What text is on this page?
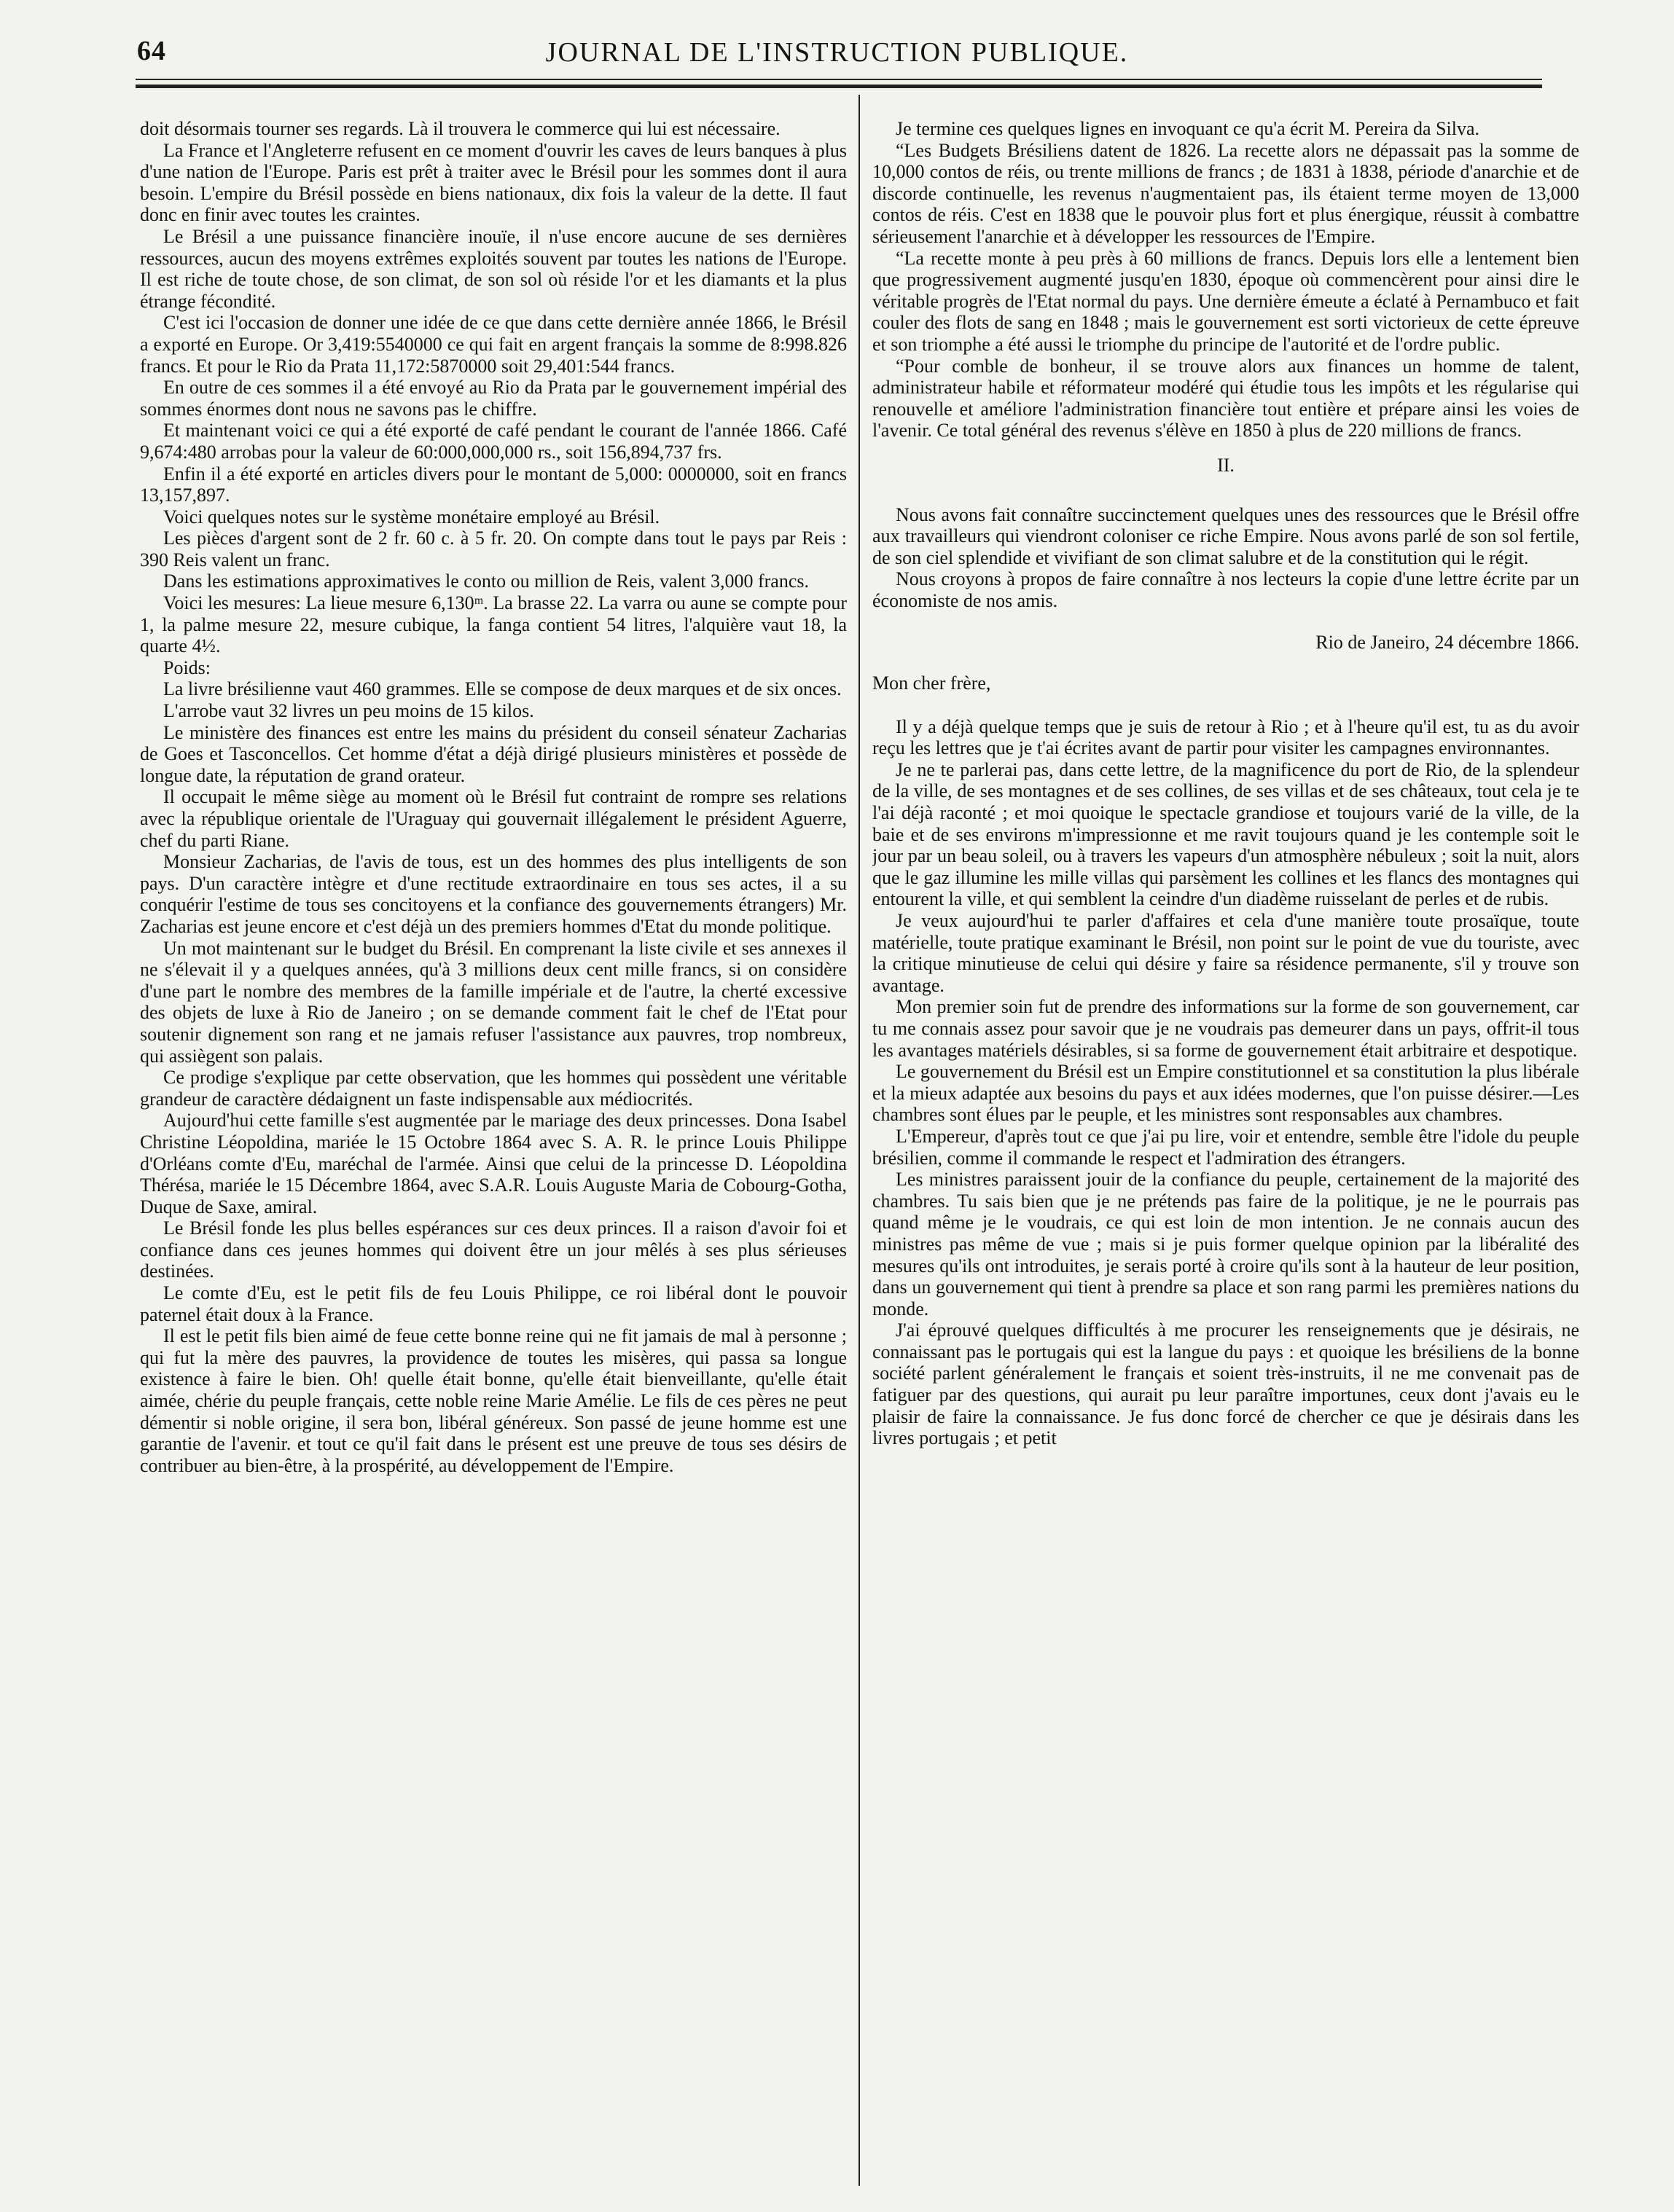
64	JOURNAL DE L'INSTRUCTION PUBLIQUE.

doit désormais tourner ses regards. Là il trouvera le commerce qui lui est nécessaire.

La France et l'Angleterre refusent en ce moment d'ouvrir les caves de leurs banques à plus d'une nation de l'Europe. Paris est prêt à traiter avec le Brésil pour les sommes dont il aura besoin. L'empire du Brésil possède en biens nationaux, dix fois la valeur de la dette. Il faut donc en finir avec toutes les craintes.

Le Brésil a une puissance financière inouïe, il n'use encore aucune de ses dernières ressources, aucun des moyens extrêmes exploités souvent par toutes les nations de l'Europe. Il est riche de toute chose, de son climat, de son sol où réside l'or et les diamants et la plus étrange fécondité.

C'est ici l'occasion de donner une idée de ce que dans cette dernière année 1866, le Brésil a exporté en Europe. Or 3,419:5540000 ce qui fait en argent français la somme de 8:998.826 francs. Et pour le Rio da Prata 11,172:5870000 soit 29,401:544 francs.

En outre de ces sommes il a été envoyé au Rio da Prata par le gouvernement impérial des sommes énormes dont nous ne savons pas le chiffre.

Et maintenant voici ce qui a été exporté de café pendant le courant de l'année 1866. Café 9,674:480 arrobas pour la valeur de 60:000,000,000 rs., soit 156,894,737 frs.

Enfin il a été exporté en articles divers pour le montant de 5,000: 0000000, soit en francs 13,157,897.

Voici quelques notes sur le système monétaire employé au Brésil.

Les pièces d'argent sont de 2 fr. 60 c. à 5 fr. 20. On compte dans tout le pays par Reis : 390 Reis valent un franc.

Dans les estimations approximatives le conto ou million de Reis, valent 3,000 francs.

Voici les mesures: La lieue mesure 6,130ᵐ. La brasse 22. La varra ou aune se compte pour 1, la palme mesure 22, mesure cubique, la fanga contient 54 litres, l'alquière vaut 18, la quarte 4½.

Poids:

La livre brésilienne vaut 460 grammes. Elle se compose de deux marques et de six onces.

L'arrobe vaut 32 livres un peu moins de 15 kilos.

Le ministère des finances est entre les mains du président du conseil sénateur Zacharias de Goes et Tasconcellos. Cet homme d'état a déjà dirigé plusieurs ministères et possède de longue date, la réputation de grand orateur.

Il occupait le même siège au moment où le Brésil fut contraint de rompre ses relations avec la république orientale de l'Uraguay qui gouvernait illégalement le président Aguerre, chef du parti Riane.

Monsieur Zacharias, de l'avis de tous, est un des hommes des plus intelligents de son pays. D'un caractère intègre et d'une rectitude extraordinaire en tous ses actes, il a su conquérir l'estime de tous ses concitoyens et la confiance des gouvernements étrangers) Mr. Zacharias est jeune encore et c'est déjà un des premiers hommes d'Etat du monde politique.

Un mot maintenant sur le budget du Brésil. En comprenant la liste civile et ses annexes il ne s'élevait il y a quelques années, qu'à 3 millions deux cent mille francs, si on considère d'une part le nombre des membres de la famille impériale et de l'autre, la cherté excessive des objets de luxe à Rio de Janeiro ; on se demande comment fait le chef de l'Etat pour soutenir dignement son rang et ne jamais refuser l'assistance aux pauvres, trop nombreux, qui assiègent son palais.

Ce prodige s'explique par cette observation, que les hommes qui possèdent une véritable grandeur de caractère dédaignent un faste indispensable aux médiocrités.

Aujourd'hui cette famille s'est augmentée par le mariage des deux princesses. Dona Isabel Christine Léopoldina, mariée le 15 Octobre 1864 avec S. A. R. le prince Louis Philippe d'Orléans comte d'Eu, maréchal de l'armée. Ainsi que celui de la princesse D. Léopoldina Thérésa, mariée le 15 Décembre 1864, avec S.A.R. Louis Auguste Maria de Cobourg-Gotha, Duque de Saxe, amiral.

Le Brésil fonde les plus belles espérances sur ces deux princes. Il a raison d'avoir foi et confiance dans ces jeunes hommes qui doivent être un jour mêlés à ses plus sérieuses destinées.

Le comte d'Eu, est le petit fils de feu Louis Philippe, ce roi libéral dont le pouvoir paternel était doux à la France.

Il est le petit fils bien aimé de feue cette bonne reine qui ne fit jamais de mal à personne ; qui fut la mère des pauvres, la providence de toutes les misères, qui passa sa longue existence à faire le bien. Oh! quelle était bonne, qu'elle était bienveillante, qu'elle était aimée, chérie du peuple français, cette noble reine Marie Amélie. Le fils de ces pères ne peut démentir si noble origine, il sera bon, libéral généreux. Son passé de jeune homme est une garantie de l'avenir. et tout ce qu'il fait dans le présent est une preuve de tous ses désirs de contribuer au bien-être, à la prospérité, au développement de l'Empire.

Je termine ces quelques lignes en invoquant ce qu'a écrit M. Pereira da Silva.

“Les Budgets Brésiliens datent de 1826. La recette alors ne dépassait pas la somme de 10,000 contos de réis, ou trente millions de francs ; de 1831 à 1838, période d'anarchie et de discorde continuelle, les revenus n'augmentaient pas, ils étaient terme moyen de 13,000 contos de réis. C'est en 1838 que le pouvoir plus fort et plus énergique, réussit à combattre sérieusement l'anarchie et à développer les ressources de l'Empire.

“La recette monte à peu près à 60 millions de francs. Depuis lors elle a lentement bien que progressivement augmenté jusqu'en 1830, époque où commencèrent pour ainsi dire le véritable progrès de l'Etat normal du pays. Une dernière émeute a éclaté à Pernambuco et fait couler des flots de sang en 1848 ; mais le gouvernement est sorti victorieux de cette épreuve et son triomphe a été aussi le triomphe du principe de l'autorité et de l'ordre public.

“Pour comble de bonheur, il se trouve alors aux finances un homme de talent, administrateur habile et réformateur modéré qui étudie tous les impôts et les régularise qui renouvelle et améliore l'administration financière tout entière et prépare ainsi les voies de l'avenir. Ce total général des revenus s'élève en 1850 à plus de 220 millions de francs.

II.

Nous avons fait connaître succinctement quelques unes des ressources que le Brésil offre aux travailleurs qui viendront coloniser ce riche Empire. Nous avons parlé de son sol fertile, de son ciel splendide et vivifiant de son climat salubre et de la constitution qui le régit.

Nous croyons à propos de faire connaître à nos lecteurs la copie d'une lettre écrite par un économiste de nos amis.

Rio de Janeiro, 24 décembre 1866.

Mon cher frère,

Il y a déjà quelque temps que je suis de retour à Rio ; et à l'heure qu'il est, tu as du avoir reçu les lettres que je t'ai écrites avant de partir pour visiter les campagnes environnantes.

Je ne te parlerai pas, dans cette lettre, de la magnificence du port de Rio, de la splendeur de la ville, de ses montagnes et de ses collines, de ses villas et de ses châteaux, tout cela je te l'ai déjà raconté ; et moi quoique le spectacle grandiose et toujours varié de la ville, de la baie et de ses environs m'impressionne et me ravit toujours quand je les contemple soit le jour par un beau soleil, ou à travers les vapeurs d'un atmosphère nébuleux ; soit la nuit, alors que le gaz illumine les mille villas qui parsèment les collines et les flancs des montagnes qui entourent la ville, et qui semblent la ceindre d'un diadème ruisselant de perles et de rubis.

Je veux aujourd'hui te parler d'affaires et cela d'une manière toute prosaïque, toute matérielle, toute pratique examinant le Brésil, non point sur le point de vue du touriste, avec la critique minutieuse de celui qui désire y faire sa résidence permanente, s'il y trouve son avantage.

Mon premier soin fut de prendre des informations sur la forme de son gouvernement, car tu me connais assez pour savoir que je ne voudrais pas demeurer dans un pays, offrit-il tous les avantages matériels désirables, si sa forme de gouvernement était arbitraire et despotique.

Le gouvernement du Brésil est un Empire constitutionnel et sa constitution la plus libérale et la mieux adaptée aux besoins du pays et aux idées modernes, que l'on puisse désirer.—Les chambres sont élues par le peuple, et les ministres sont responsables aux chambres.

L'Empereur, d'après tout ce que j'ai pu lire, voir et entendre, semble être l'idole du peuple brésilien, comme il commande le respect et l'admiration des étrangers.

Les ministres paraissent jouir de la confiance du peuple, certainement de la majorité des chambres. Tu sais bien que je ne prétends pas faire de la politique, je ne le pourrais pas quand même je le voudrais, ce qui est loin de mon intention. Je ne connais aucun des ministres pas même de vue ; mais si je puis former quelque opinion par la libéralité des mesures qu'ils ont introduites, je serais porté à croire qu'ils sont à la hauteur de leur position, dans un gouvernement qui tient à prendre sa place et son rang parmi les premières nations du monde.

J'ai éprouvé quelques difficultés à me procurer les renseignements que je désirais, ne connaissant pas le portugais qui est la langue du pays : et quoique les brésiliens de la bonne société parlent généralement le français et soient très-instruits, il ne me convenait pas de fatiguer par des questions, qui aurait pu leur paraître importunes, ceux dont j'avais eu le plaisir de faire la connaissance. Je fus donc forcé de chercher ce que je désirais dans les livres portugais ; et petit
